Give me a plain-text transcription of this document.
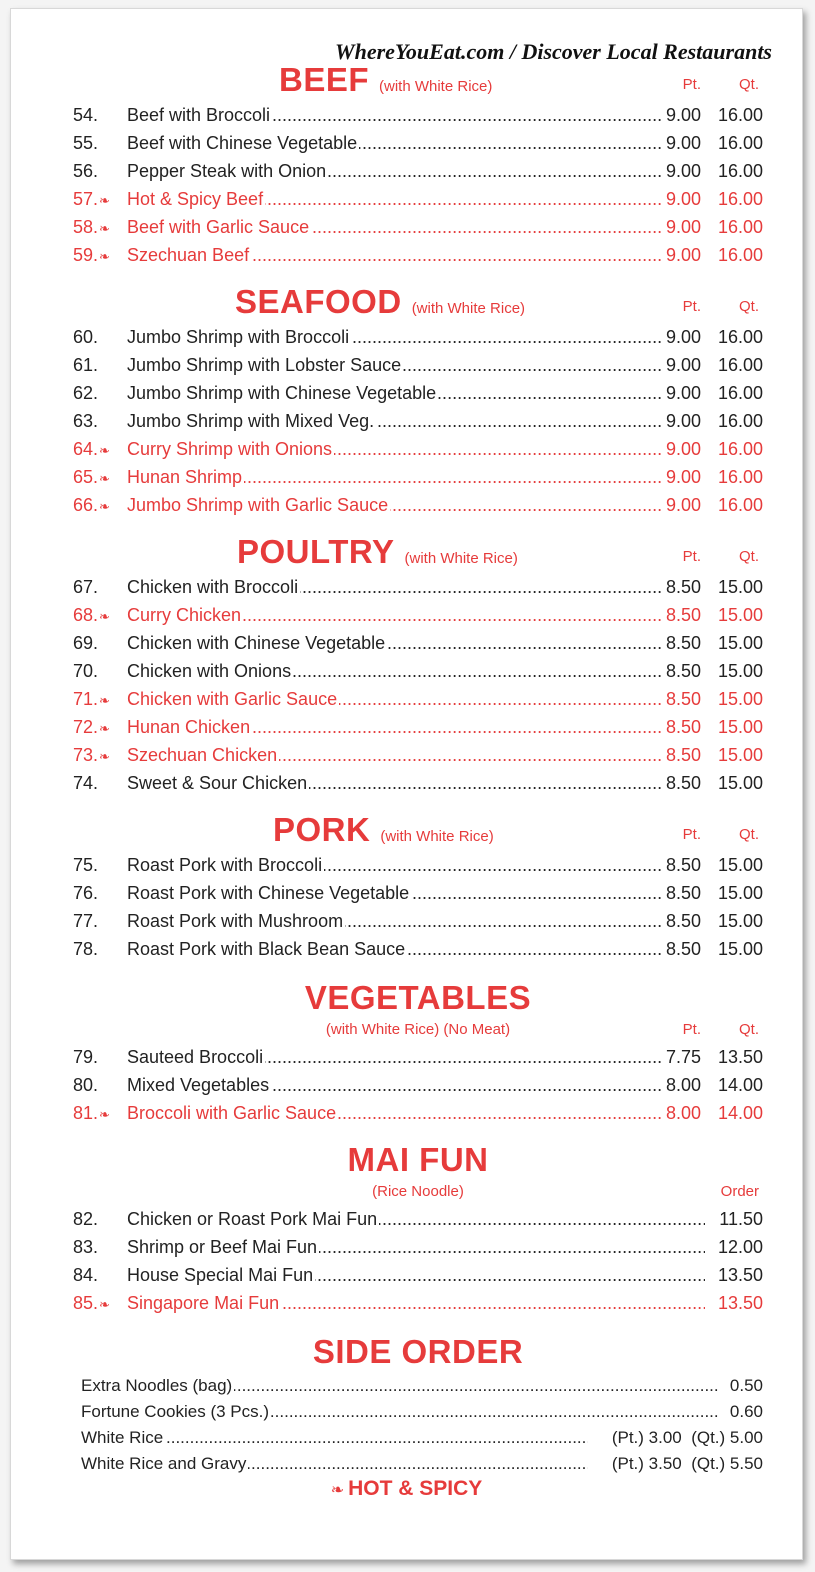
WhereYouEat.com / Discover Local Restaurants
BEEF (with White Rice)	Pt.	Qt.
54.	Beef with Broccoli .....	9.00 16.00
55.	Beef with Chinese Vegetable .....	9.00 16.00
56.	Pepper Steak with Onion .....	9.00 16.00
57.❧ Hot & Spicy Beef .....	9.00 16.00
58.❧ Beef with Garlic Sauce .....	9.00 16.00
59.❧ Szechuan Beef .....	9.00 16.00
SEAFOOD (with White Rice)	Pt.	Qt.
60.	Jumbo Shrimp with Broccoli .....	9.00 16.00
61.	Jumbo Shrimp with Lobster Sauce .....	9.00 16.00
62.	Jumbo Shrimp with Chinese Vegetable .....	9.00 16.00
63.	Jumbo Shrimp with Mixed Veg. .....	9.00 16.00
64.❧ Curry Shrimp with Onions .....	9.00 16.00
65.❧ Hunan Shrimp .....	9.00 16.00
66.❧ Jumbo Shrimp with Garlic Sauce .....	9.00 16.00
POULTRY (with White Rice)	Pt.	Qt.
67.	Chicken with Broccoli .....	8.50 15.00
68.❧ Curry Chicken .....	8.50 15.00
69.	Chicken with Chinese Vegetable .....	8.50 15.00
70.	Chicken with Onions .....	8.50 15.00
71.❧ Chicken with Garlic Sauce .....	8.50 15.00
72.❧ Hunan Chicken .....	8.50 15.00
73.❧ Szechuan Chicken .....	8.50 15.00
74.	Sweet & Sour Chicken .....	8.50 15.00
PORK (with White Rice)	Pt.	Qt.
75.	Roast Pork with Broccoli .....	8.50 15.00
76.	Roast Pork with Chinese Vegetable .....	8.50 15.00
77.	Roast Pork with Mushroom .....	8.50 15.00
78.	Roast Pork with Black Bean Sauce .....	8.50 15.00
VEGETABLES
(with White Rice) (No Meat)	Pt.	Qt.
79.	Sauteed Broccoli .....	7.75 13.50
80.	Mixed Vegetables .....	8.00 14.00
81.❧ Broccoli with Garlic Sauce .....	8.00 14.00
MAI FUN
(Rice Noodle)	Order
82.	Chicken or Roast Pork Mai Fun .....	11.50
83.	Shrimp or Beef Mai Fun .....	12.00
84.	House Special Mai Fun .....	13.50
85.❧ Singapore Mai Fun .....	13.50
SIDE ORDER
Extra Noodles (bag) .....	0.50
Fortune Cookies (3 Pcs.) .....	0.60
White Rice .....	(Pt.) 3.00  (Qt.) 5.00
White Rice and Gravy .....	(Pt.) 3.50  (Qt.) 5.50
❧ HOT & SPICY
